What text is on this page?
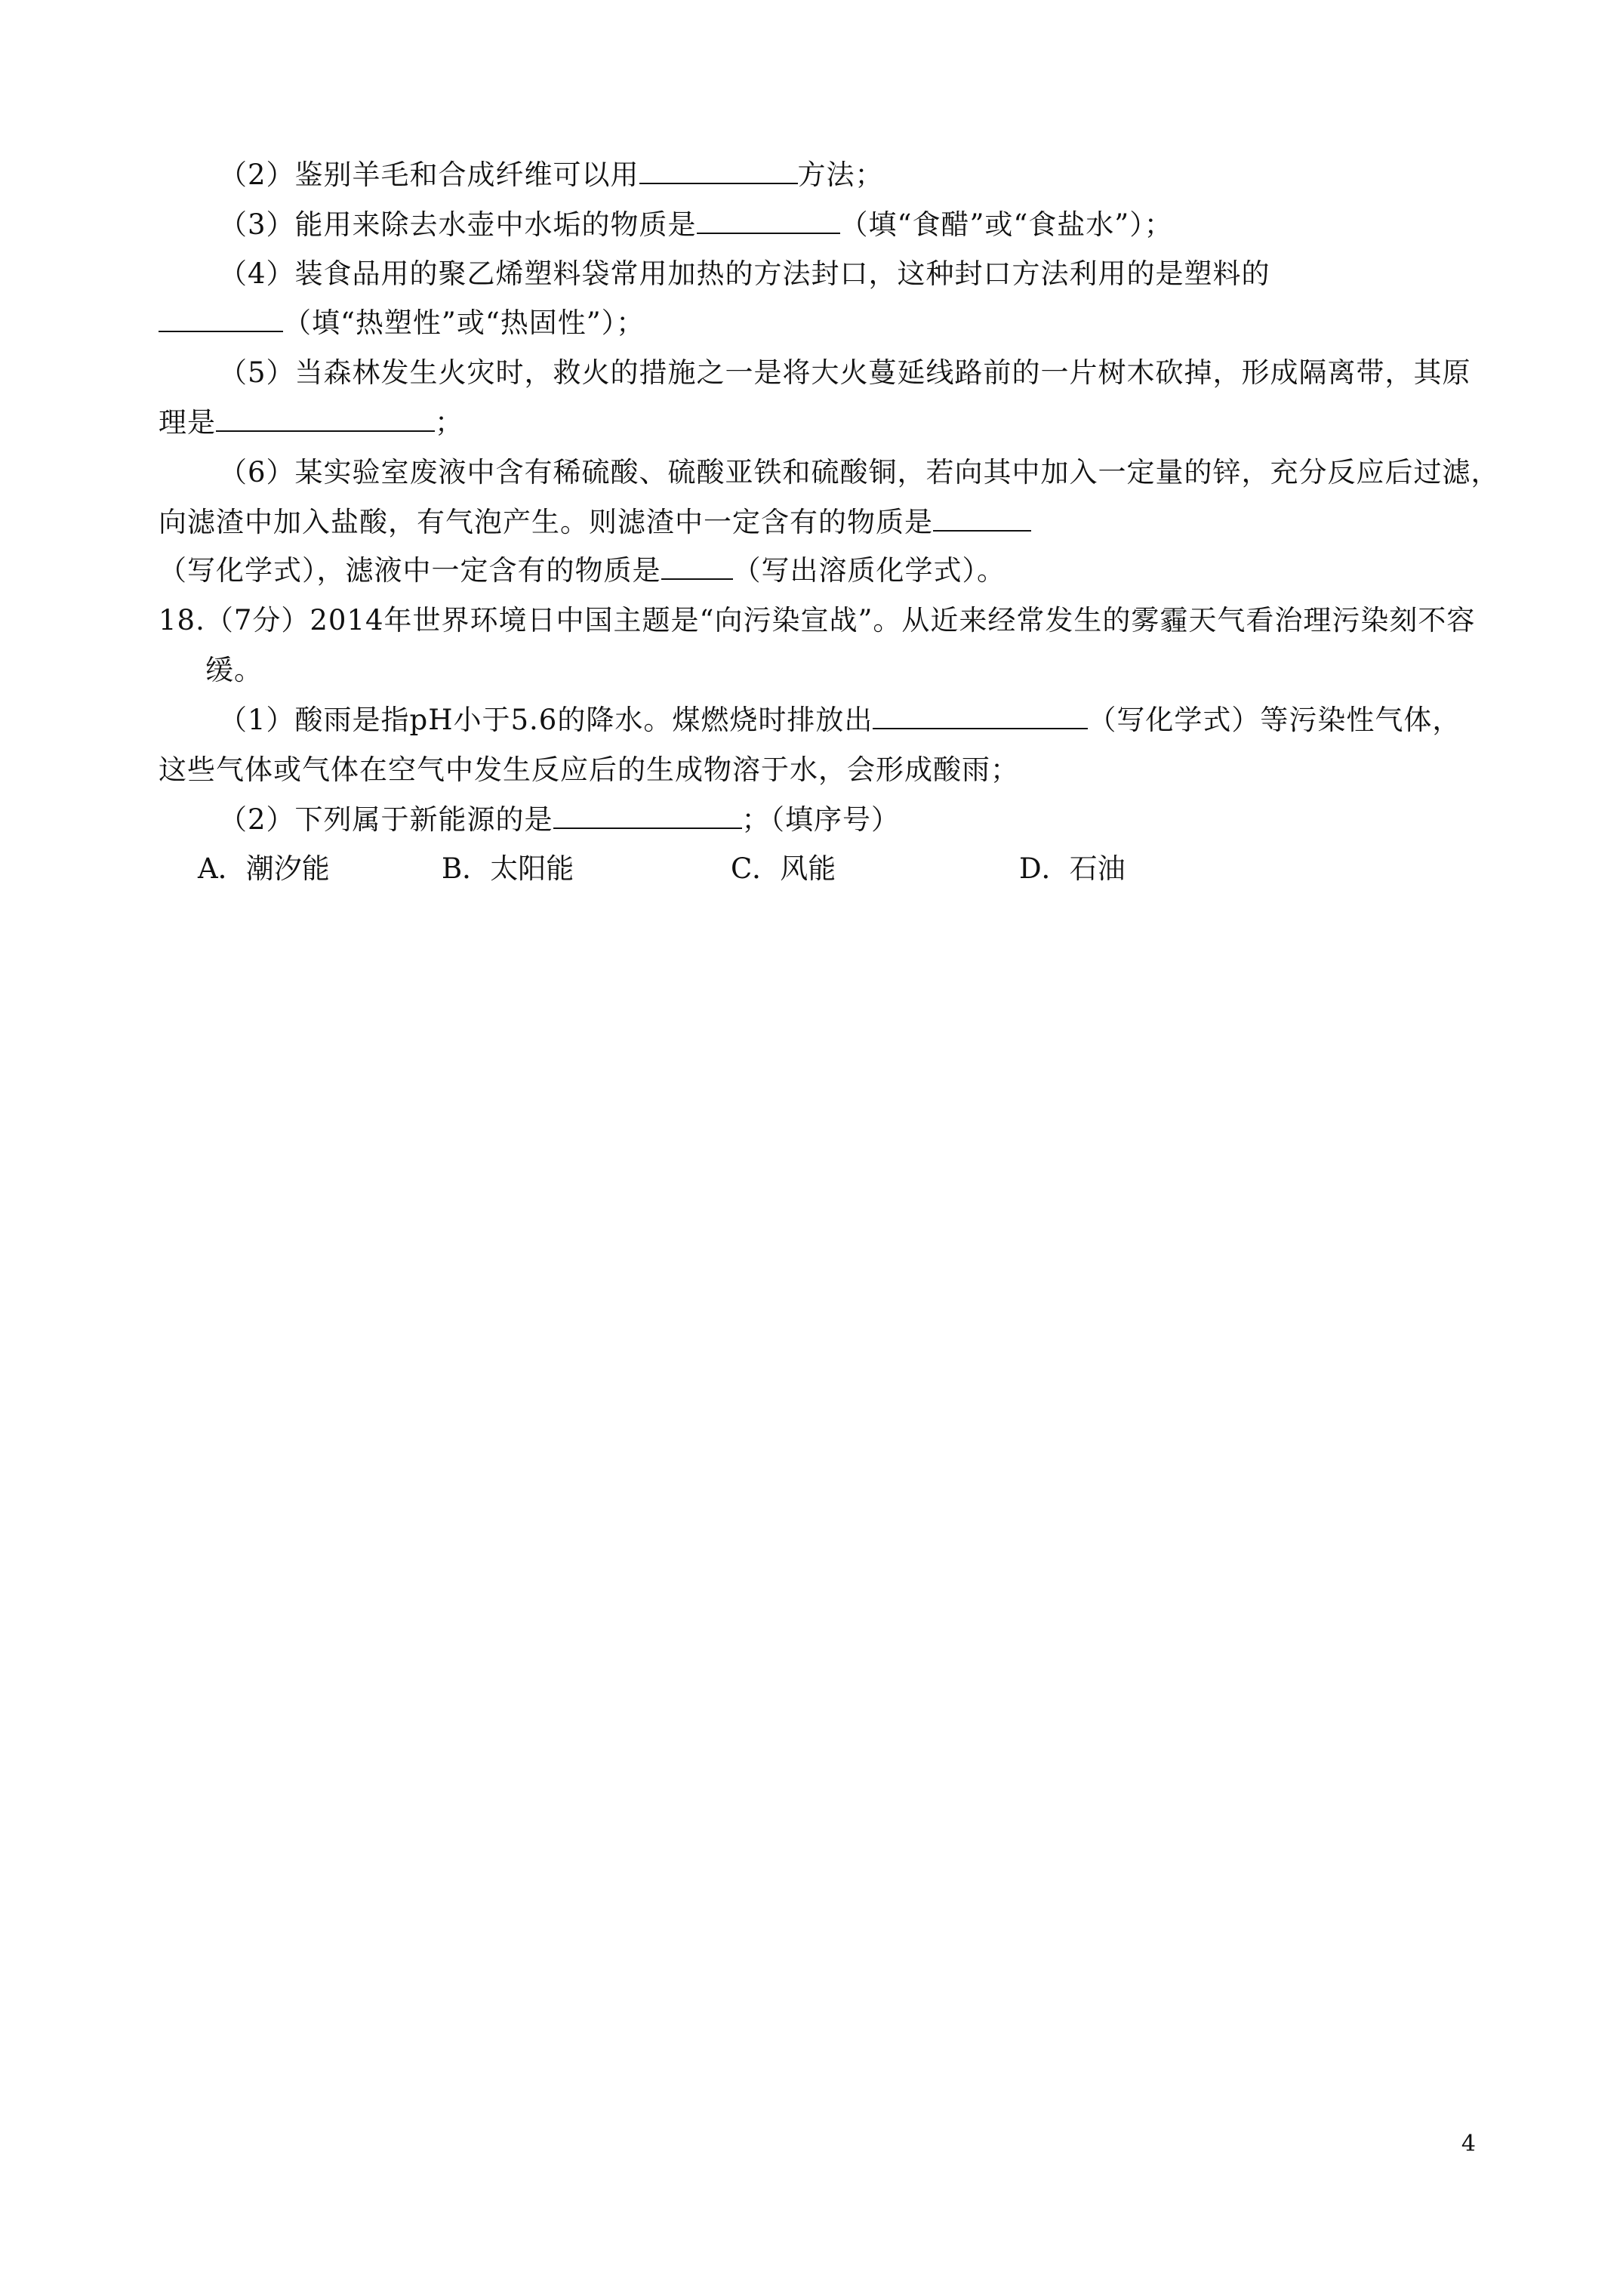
（2）鉴别羊毛和合成纤维可以用	方法；
（3）能用来除去水壶中水垢的物质是	（填“食醋”或“食盐水”）；
（4）装食品用的聚乙烯塑料袋常用加热的方法封口，这种封口方法利用的是塑料的
（填“热塑性”或“热固性”）；
（5）当森林发生火灾时，救火的措施之一是将大火蔓延线路前的一片树木砍掉，形成隔离带，其原
理是	；
（6）某实验室废液中含有稀硫酸、硫酸亚铁和硫酸铜，若向其中加入一定量的锌，充分反应后过滤，
向滤渣中加入盐酸，有气泡产生。则滤渣中一定含有的物质是
（写化学式），滤液中一定含有的物质是	（写出溶质化学式）。
18.（7分）2014年世界环境日中国主题是“向污染宣战”。从近来经常发生的雾霾天气看治理污染刻不容
缓。
（1）酸雨是指pH小于5.6的降水。煤燃烧时排放出	（写化学式）等污染性气体，
这些气体或气体在空气中发生反应后的生成物溶于水，会形成酸雨；
（2）下列属于新能源的是	；（填序号）
A．潮汐能	B．太阳能	C．风能	D．石油
4
